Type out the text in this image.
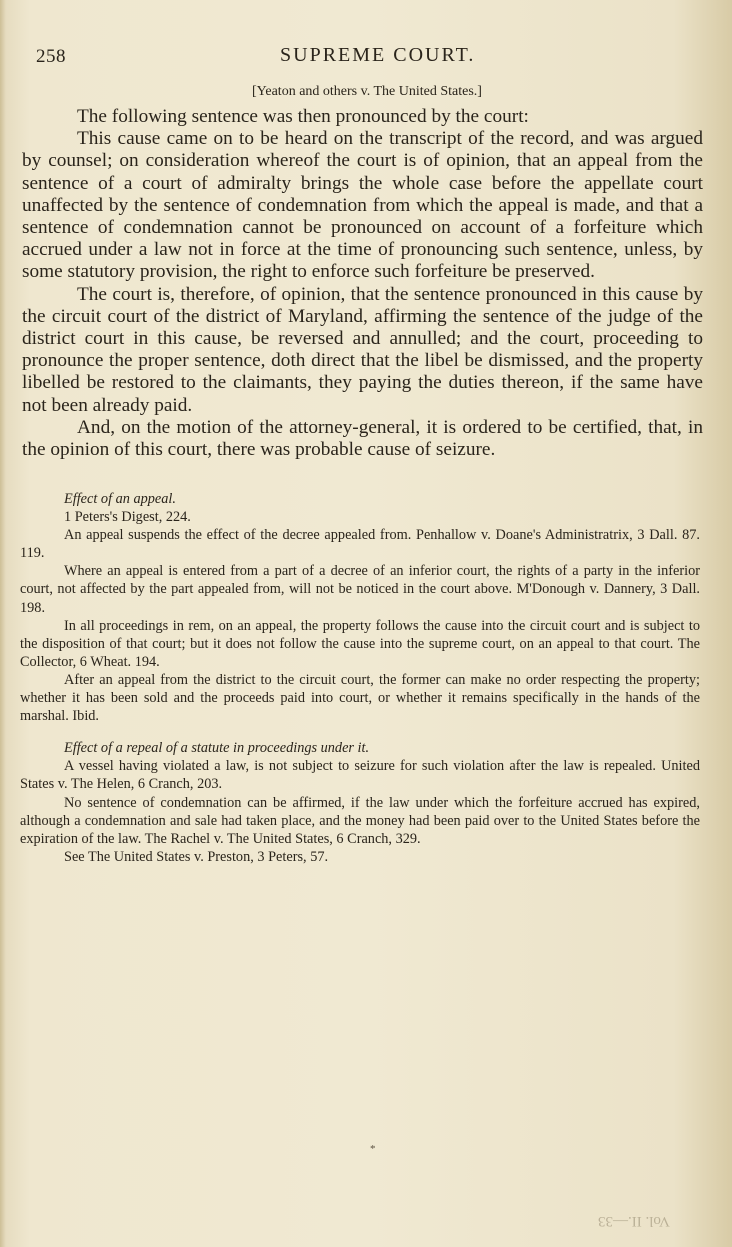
258	SUPREME COURT.
[Yeaton and others v. The United States.]

The following sentence was then pronounced by the court:

This cause came on to be heard on the transcript of the record, and was argued by counsel; on consideration whereof the court is of opinion, that an appeal from the sentence of a court of admiralty brings the whole case before the appellate court unaffected by the sentence of condemnation from which the appeal is made, and that a sentence of condemnation cannot be pronounced on account of a forfeiture which accrued under a law not in force at the time of pronouncing such sentence, unless, by some statutory provision, the right to enforce such forfeiture be preserved.

The court is, therefore, of opinion, that the sentence pronounced in this cause by the circuit court of the district of Maryland, affirming the sentence of the judge of the district court in this cause, be reversed and annulled; and the court, proceeding to pronounce the proper sentence, doth direct that the libel be dismissed, and the property libelled be restored to the claimants, they paying the duties thereon, if the same have not been already paid.

And, on the motion of the attorney-general, it is ordered to be certified, that, in the opinion of this court, there was probable cause of seizure.

Effect of an appeal.

1 Peters's Digest, 224.

An appeal suspends the effect of the decree appealed from. Penhallow v. Doane's Administratrix, 3 Dall. 87. 119.

Where an appeal is entered from a part of a decree of an inferior court, the rights of a party in the inferior court, not affected by the part appealed from, will not be noticed in the court above. M'Donough v. Dannery, 3 Dall. 198.

In all proceedings in rem, on an appeal, the property follows the cause into the circuit court and is subject to the disposition of that court; but it does not follow the cause into the supreme court, on an appeal to that court. The Collector, 6 Wheat. 194.

After an appeal from the district to the circuit court, the former can make no order respecting the property; whether it has been sold and the proceeds paid into court, or whether it remains specifically in the hands of the marshal. Ibid.

Effect of a repeal of a statute in proceedings under it.

A vessel having violated a law, is not subject to seizure for such violation after the law is repealed. United States v. The Helen, 6 Cranch, 203.

No sentence of condemnation can be affirmed, if the law under which the forfeiture accrued has expired, although a condemnation and sale had taken place, and the money had been paid over to the United States before the expiration of the law. The Rachel v. The United States, 6 Cranch, 329.

See The United States v. Preston, 3 Peters, 57.

*
Vol. II.—33
